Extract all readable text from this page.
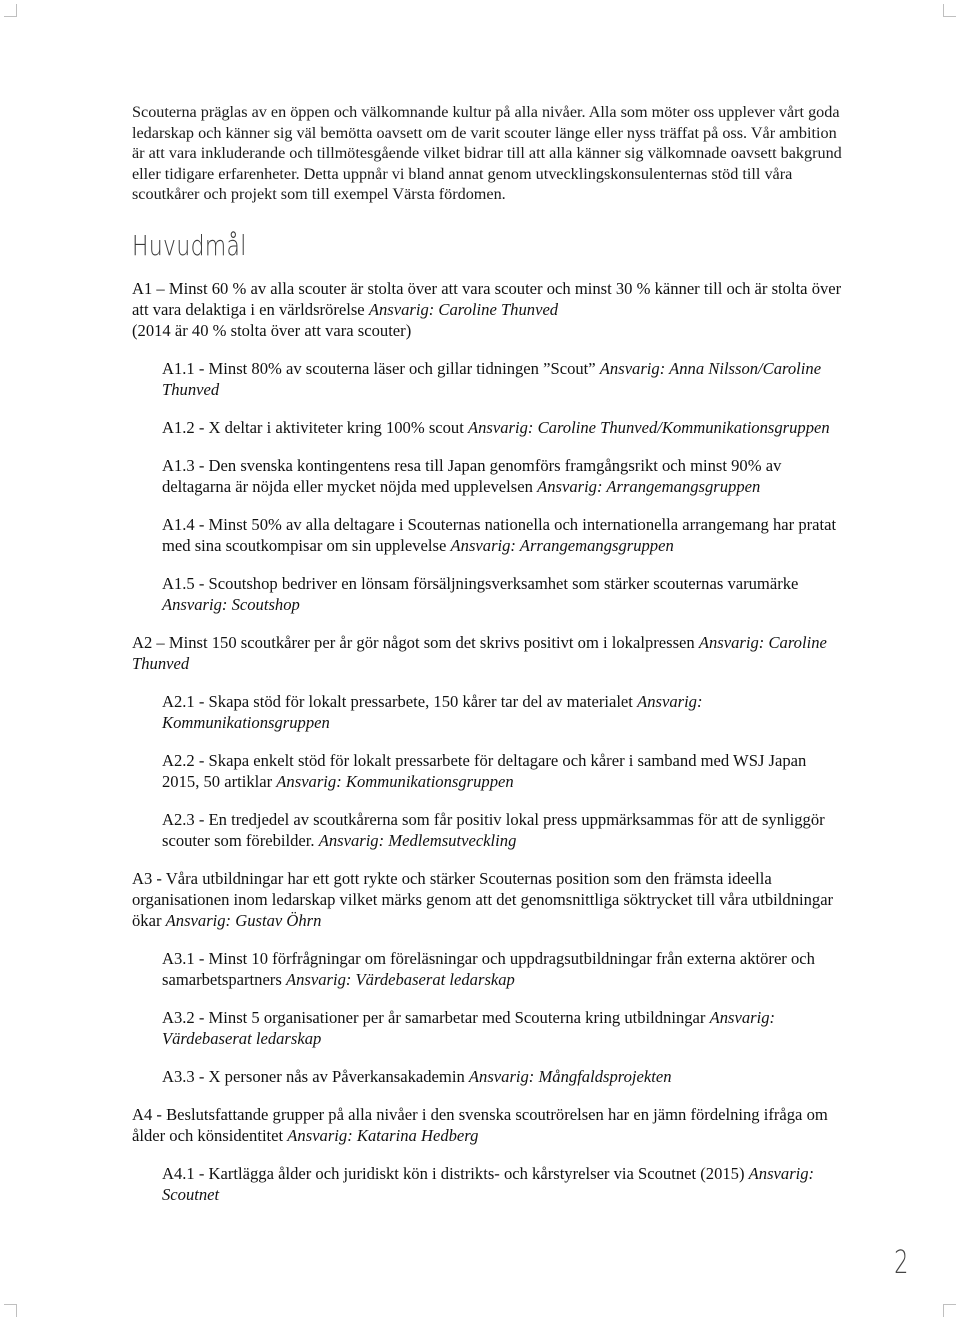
Scouterna präglas av en öppen och välkomnande kultur på alla nivåer. Alla som möter oss upplever vårt goda ledarskap och känner sig väl bemötta oavsett om de varit scouter länge eller nyss träffat på oss. Vår ambition är att vara inkluderande och tillmötesgående vilket bidrar till att alla känner sig välkomnade oavsett bakgrund eller tidigare erfarenheter. Detta uppnår vi bland annat genom utvecklingskonsulenternas stöd till våra scoutkårer och projekt som till exempel Värsta fördomen.

Huvudmål

A1 – Minst 60 % av alla scouter är stolta över att vara scouter och minst 30 % känner till och är stolta över att vara delaktiga i en världsrörelse Ansvarig: Caroline Thunved
(2014 är 40 % stolta över att vara scouter)

A1.1 - Minst 80% av scouterna läser och gillar tidningen ”Scout” Ansvarig: Anna Nilsson/Caroline Thunved

A1.2 - X deltar i aktiviteter kring 100% scout Ansvarig: Caroline Thunved/Kommunikationsgruppen

A1.3 - Den svenska kontingentens resa till Japan genomförs framgångsrikt och minst 90% av deltagarna är nöjda eller mycket nöjda med upplevelsen Ansvarig: Arrangemangsgruppen

A1.4 - Minst 50% av alla deltagare i Scouternas nationella och internationella arrangemang har pratat med sina scoutkompisar om sin upplevelse Ansvarig: Arrangemangsgruppen

A1.5 - Scoutshop bedriver en lönsam försäljningsverksamhet som stärker scouternas varumärke Ansvarig: Scoutshop

A2 – Minst 150 scoutkårer per år gör något som det skrivs positivt om i lokalpressen Ansvarig: Caroline Thunved

A2.1 - Skapa stöd för lokalt pressarbete, 150 kårer tar del av materialet Ansvarig: Kommunikationsgruppen

A2.2 - Skapa enkelt stöd för lokalt pressarbete för deltagare och kårer i samband med WSJ Japan 2015, 50 artiklar Ansvarig: Kommunikationsgruppen

A2.3 - En tredjedel av scoutkårerna som får positiv lokal press uppmärksammas för att de synliggör scouter som förebilder. Ansvarig: Medlemsutveckling

A3 - Våra utbildningar har ett gott rykte och stärker Scouternas position som den främsta ideella organisationen inom ledarskap vilket märks genom att det genomsnittliga söktrycket till våra utbildningar ökar Ansvarig: Gustav Öhrn

A3.1 - Minst 10 förfrågningar om föreläsningar och uppdragsutbildningar från externa aktörer och samarbetspartners Ansvarig: Värdebaserat ledarskap

A3.2 - Minst 5 organisationer per år samarbetar med Scouterna kring utbildningar Ansvarig: Värdebaserat ledarskap

A3.3 - X personer nås av Påverkansakademin Ansvarig: Mångfaldsprojekten

A4 - Beslutsfattande grupper på alla nivåer i den svenska scoutrörelsen har en jämn fördelning ifråga om ålder och könsidentitet Ansvarig: Katarina Hedberg

A4.1 - Kartlägga ålder och juridiskt kön i distrikts- och kårstyrelser via Scoutnet (2015) Ansvarig: Scoutnet

2
